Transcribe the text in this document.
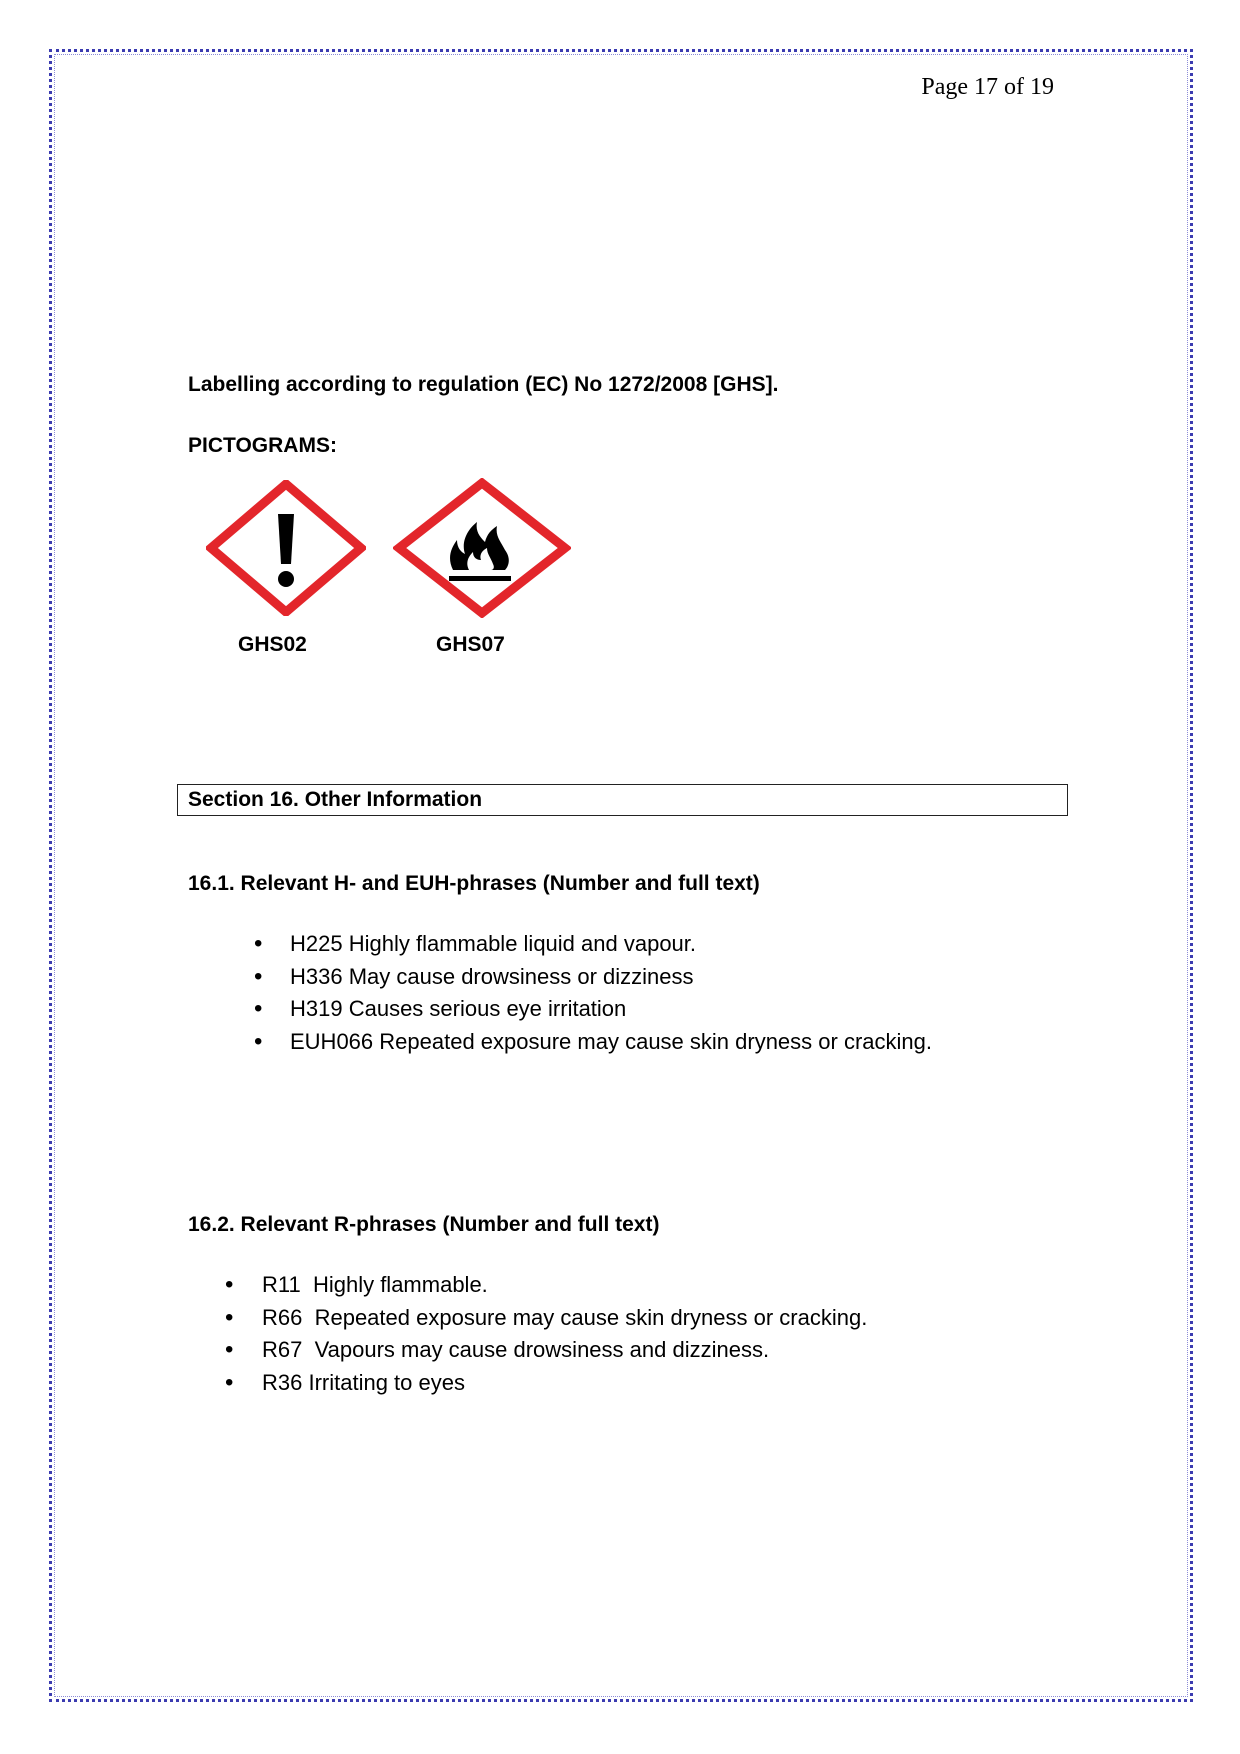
Page 17 of 19
Labelling according to regulation (EC) No 1272/2008 [GHS].
PICTOGRAMS:
GHS02	GHS07
Section 16. Other Information
16.1. Relevant H- and EUH-phrases (Number and full text)
• H225 Highly flammable liquid and vapour.
• H336 May cause drowsiness or dizziness
• H319 Causes serious eye irritation
• EUH066 Repeated exposure may cause skin dryness or cracking.
16.2. Relevant R-phrases (Number and full text)
• R11  Highly flammable.
• R66  Repeated exposure may cause skin dryness or cracking.
• R67  Vapours may cause drowsiness and dizziness.
• R36 Irritating to eyes
